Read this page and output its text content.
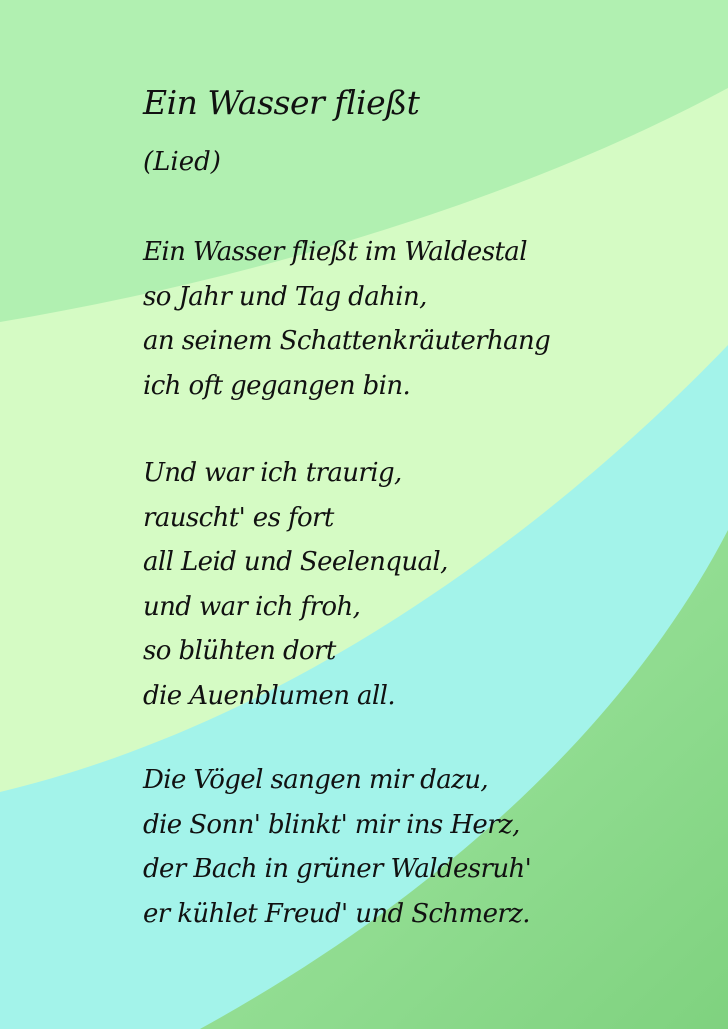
Ein Wasser fließt
(Lied)
Ein Wasser fließt im Waldestal
so Jahr und Tag dahin,
an seinem Schattenkräuterhang
ich oft gegangen bin.
Und war ich traurig,
rauscht' es fort
all Leid und Seelenqual,
und war ich froh,
so blühten dort
die Auenblumen all.
Die Vögel sangen mir dazu,
die Sonn' blinkt' mir ins Herz,
der Bach in grüner Waldesruh'
er kühlet Freud' und Schmerz.
